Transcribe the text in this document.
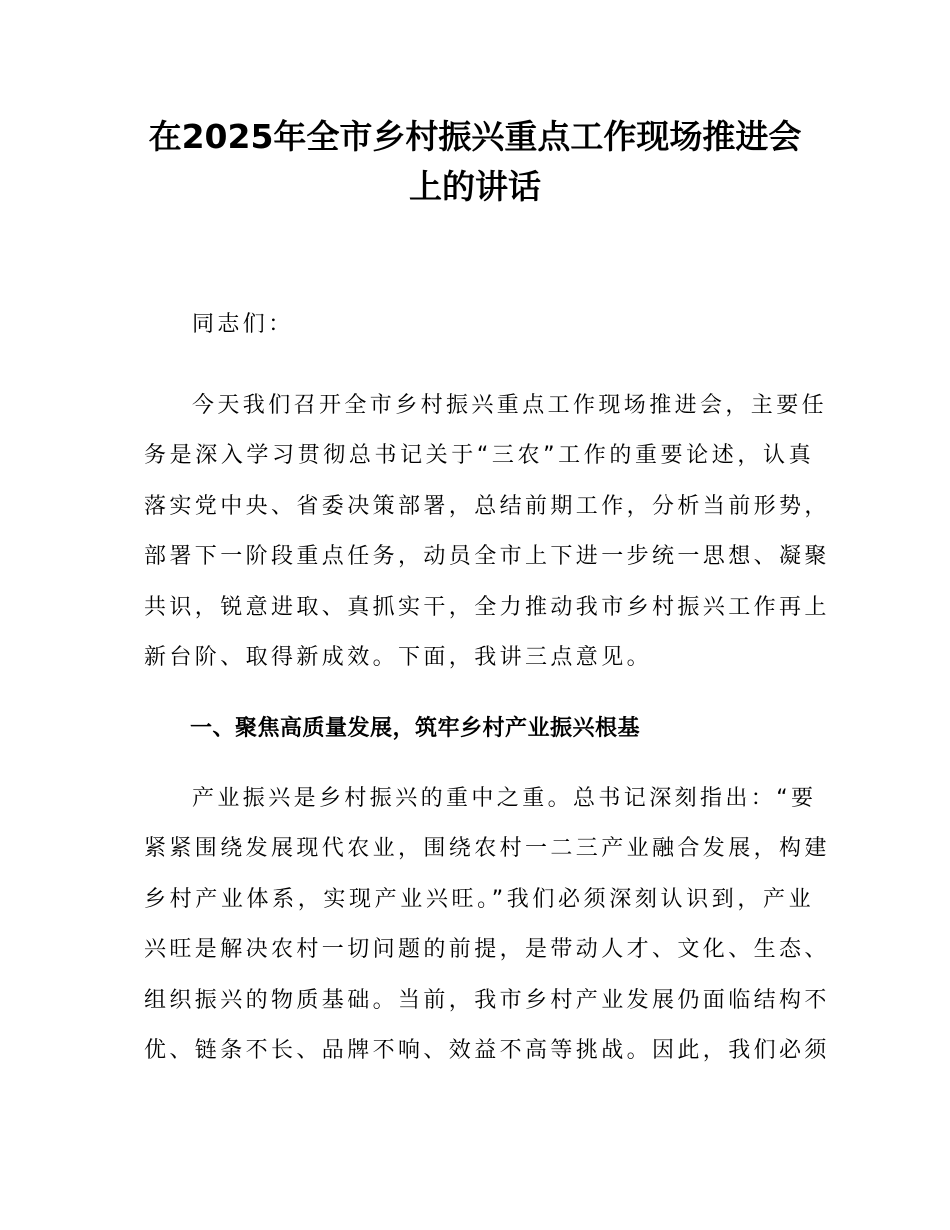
在2025年全市乡村振兴重点工作现场推进会
上的讲话

同志们：

今天我们召开全市乡村振兴重点工作现场推进会，主要任
务是深入学习贯彻总书记关于“三农”工作的重要论述，认真
落实党中央、省委决策部署，总结前期工作，分析当前形势，
部署下一阶段重点任务，动员全市上下进一步统一思想、凝聚
共识，锐意进取、真抓实干，全力推动我市乡村振兴工作再上
新台阶、取得新成效。下面，我讲三点意见。

一、聚焦高质量发展，筑牢乡村产业振兴根基

产业振兴是乡村振兴的重中之重。总书记深刻指出：“要
紧紧围绕发展现代农业，围绕农村一二三产业融合发展，构建
乡村产业体系，实现产业兴旺。”我们必须深刻认识到，产业
兴旺是解决农村一切问题的前提，是带动人才、文化、生态、
组织振兴的物质基础。当前，我市乡村产业发展仍面临结构不
优、链条不长、品牌不响、效益不高等挑战。因此，我们必须
